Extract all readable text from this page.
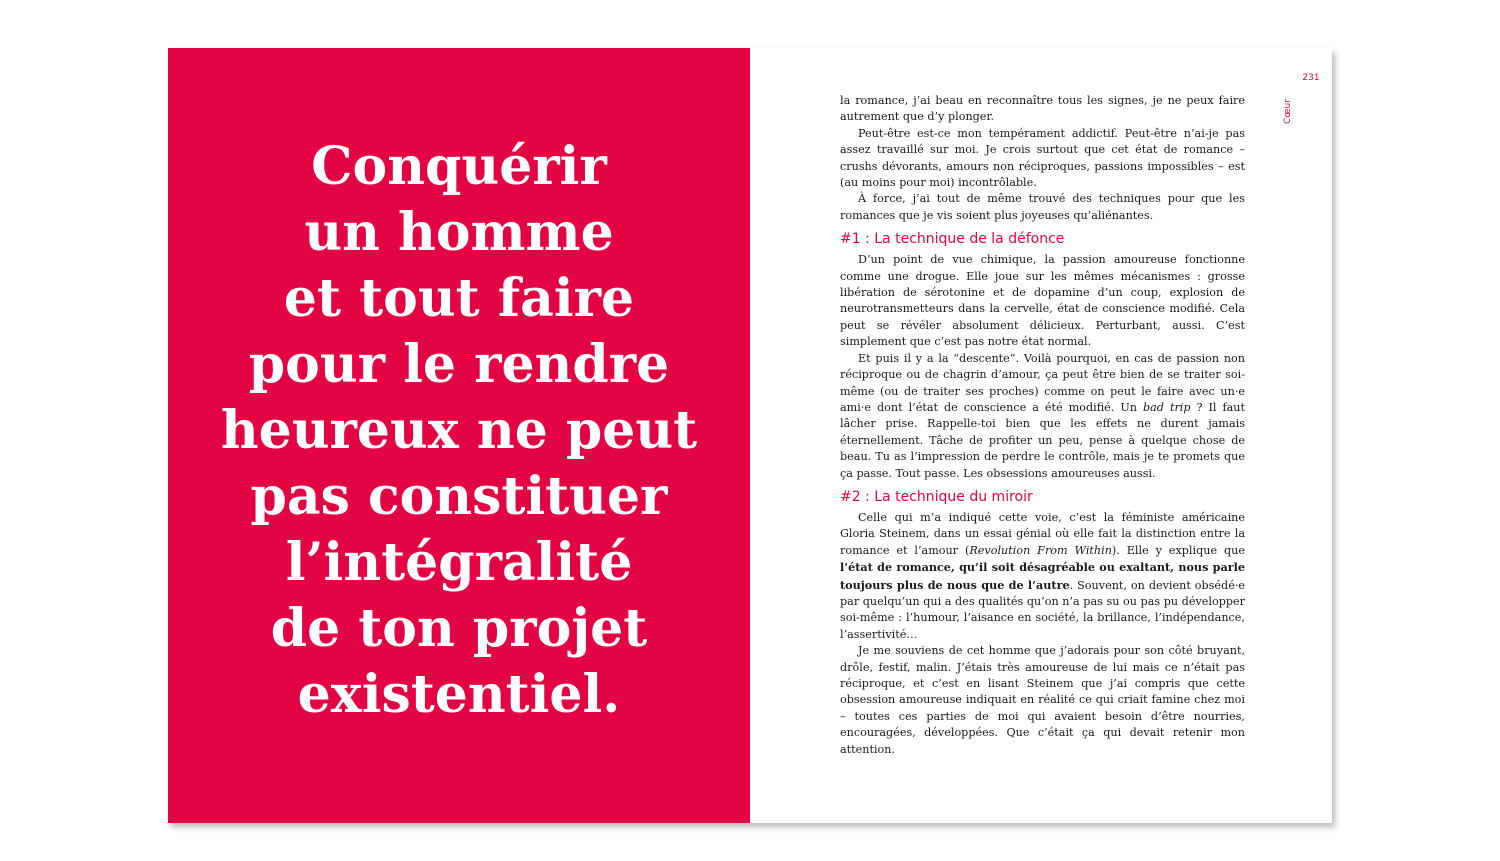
Conquérir
un homme
et tout faire
pour le rendre
heureux ne peut
pas constituer
l’intégralité
de ton projet
existentiel.

231
Cœur

la romance, j’ai beau en reconnaître tous les signes, je ne peux faire autrement que d’y plonger.

Peut-être est-ce mon tempérament addictif. Peut-être n’ai-je pas assez travaillé sur moi. Je crois surtout que cet état de romance – crushs dévorants, amours non réciproques, passions impossibles – est (au moins pour moi) incontrôlable.

À force, j’ai tout de même trouvé des techniques pour que les romances que je vis soient plus joyeuses qu’aliénantes.

#1 : La technique de la défonce

D’un point de vue chimique, la passion amoureuse fonctionne comme une drogue. Elle joue sur les mêmes mécanismes : grosse libération de sérotonine et de dopamine d’un coup, explosion de neurotransmetteurs dans la cervelle, état de conscience modifié. Cela peut se révéler absolument délicieux. Perturbant, aussi. C’est simplement que c’est pas notre état normal.

Et puis il y a la “descente”. Voilà pourquoi, en cas de passion non réciproque ou de chagrin d’amour, ça peut être bien de se traiter soi-même (ou de traiter ses proches) comme on peut le faire avec un·e ami·e dont l’état de conscience a été modifié. Un bad trip ? Il faut lâcher prise. Rappelle-toi bien que les effets ne durent jamais éternellement. Tâche de profiter un peu, pense à quelque chose de beau. Tu as l’impression de perdre le contrôle, mais je te promets que ça passe. Tout passe. Les obsessions amoureuses aussi.

#2 : La technique du miroir

Celle qui m’a indiqué cette voie, c’est la féministe américaine Gloria Steinem, dans un essai génial où elle fait la distinction entre la romance et l’amour (Revolution From Within). Elle y explique que l’état de romance, qu’il soit désagréable ou exaltant, nous parle toujours plus de nous que de l’autre. Souvent, on devient obsédé·e par quelqu’un qui a des qualités qu’on n’a pas su ou pas pu développer soi-même : l’humour, l’aisance en société, la brillance, l’indépendance, l’assertivité…

Je me souviens de cet homme que j’adorais pour son côté bruyant, drôle, festif, malin. J’étais très amoureuse de lui mais ce n’était pas réciproque, et c’est en lisant Steinem que j’ai compris que cette obsession amoureuse indiquait en réalité ce qui criait famine chez moi – toutes ces parties de moi qui avaient besoin d’être nourries, encouragées, développées. Que c’était ça qui devait retenir mon attention.
